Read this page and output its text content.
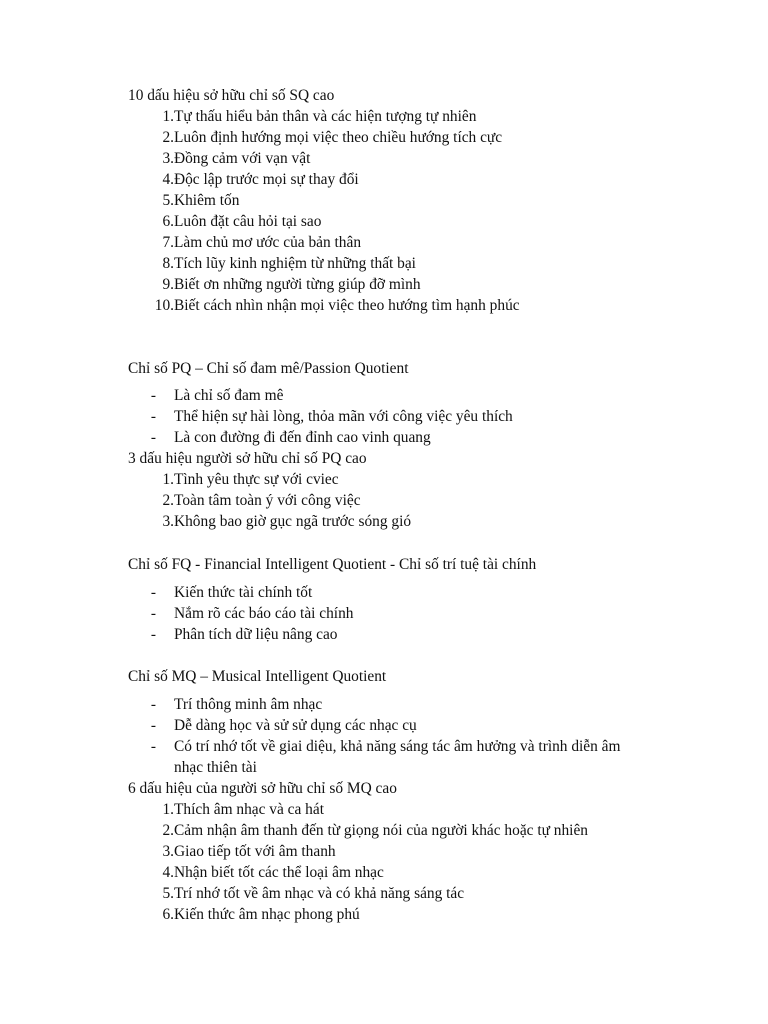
10 dấu hiệu sở hữu chỉ số SQ cao
1. Tự thấu hiểu bản thân và các hiện tượng tự nhiên
2. Luôn định hướng mọi việc theo chiều hướng tích cực
3. Đồng cảm với vạn vật
4. Độc lập trước mọi sự thay đổi
5. Khiêm tốn
6. Luôn đặt câu hỏi tại sao
7. Làm chủ mơ ước của bản thân
8. Tích lũy kinh nghiệm từ những thất bại
9. Biết ơn những người từng giúp đỡ mình
10. Biết cách nhìn nhận mọi việc theo hướng tìm hạnh phúc
Chỉ số PQ – Chỉ số đam mê/Passion Quotient
- Là chỉ số đam mê
- Thể hiện sự hài lòng, thỏa mãn với công việc yêu thích
- Là con đường đi đến đỉnh cao vinh quang
3 dấu hiệu người sở hữu chỉ số PQ cao
1. Tình yêu thực sự với cviec
2. Toàn tâm toàn ý với công việc
3. Không bao giờ gục ngã trước sóng gió
Chỉ số FQ - Financial Intelligent Quotient - Chỉ số trí tuệ tài chính
- Kiến thức tài chính tốt
- Nắm rõ các báo cáo tài chính
- Phân tích dữ liệu nâng cao
Chỉ số MQ – Musical Intelligent Quotient
- Trí thông minh âm nhạc
- Dễ dàng học và sử sử dụng các nhạc cụ
- Có trí nhớ tốt về giai diệu, khả năng sáng tác âm hưởng và trình diễn âm
nhạc thiên tài
6 dấu hiệu của người sở hữu chỉ số MQ cao
1. Thích âm nhạc và ca hát
2. Cảm nhận âm thanh đến từ giọng nói của người khác hoặc tự nhiên
3. Giao tiếp tốt với âm thanh
4. Nhận biết tốt các thể loại âm nhạc
5. Trí nhớ tốt về âm nhạc và có khả năng sáng tác
6. Kiến thức âm nhạc phong phú
